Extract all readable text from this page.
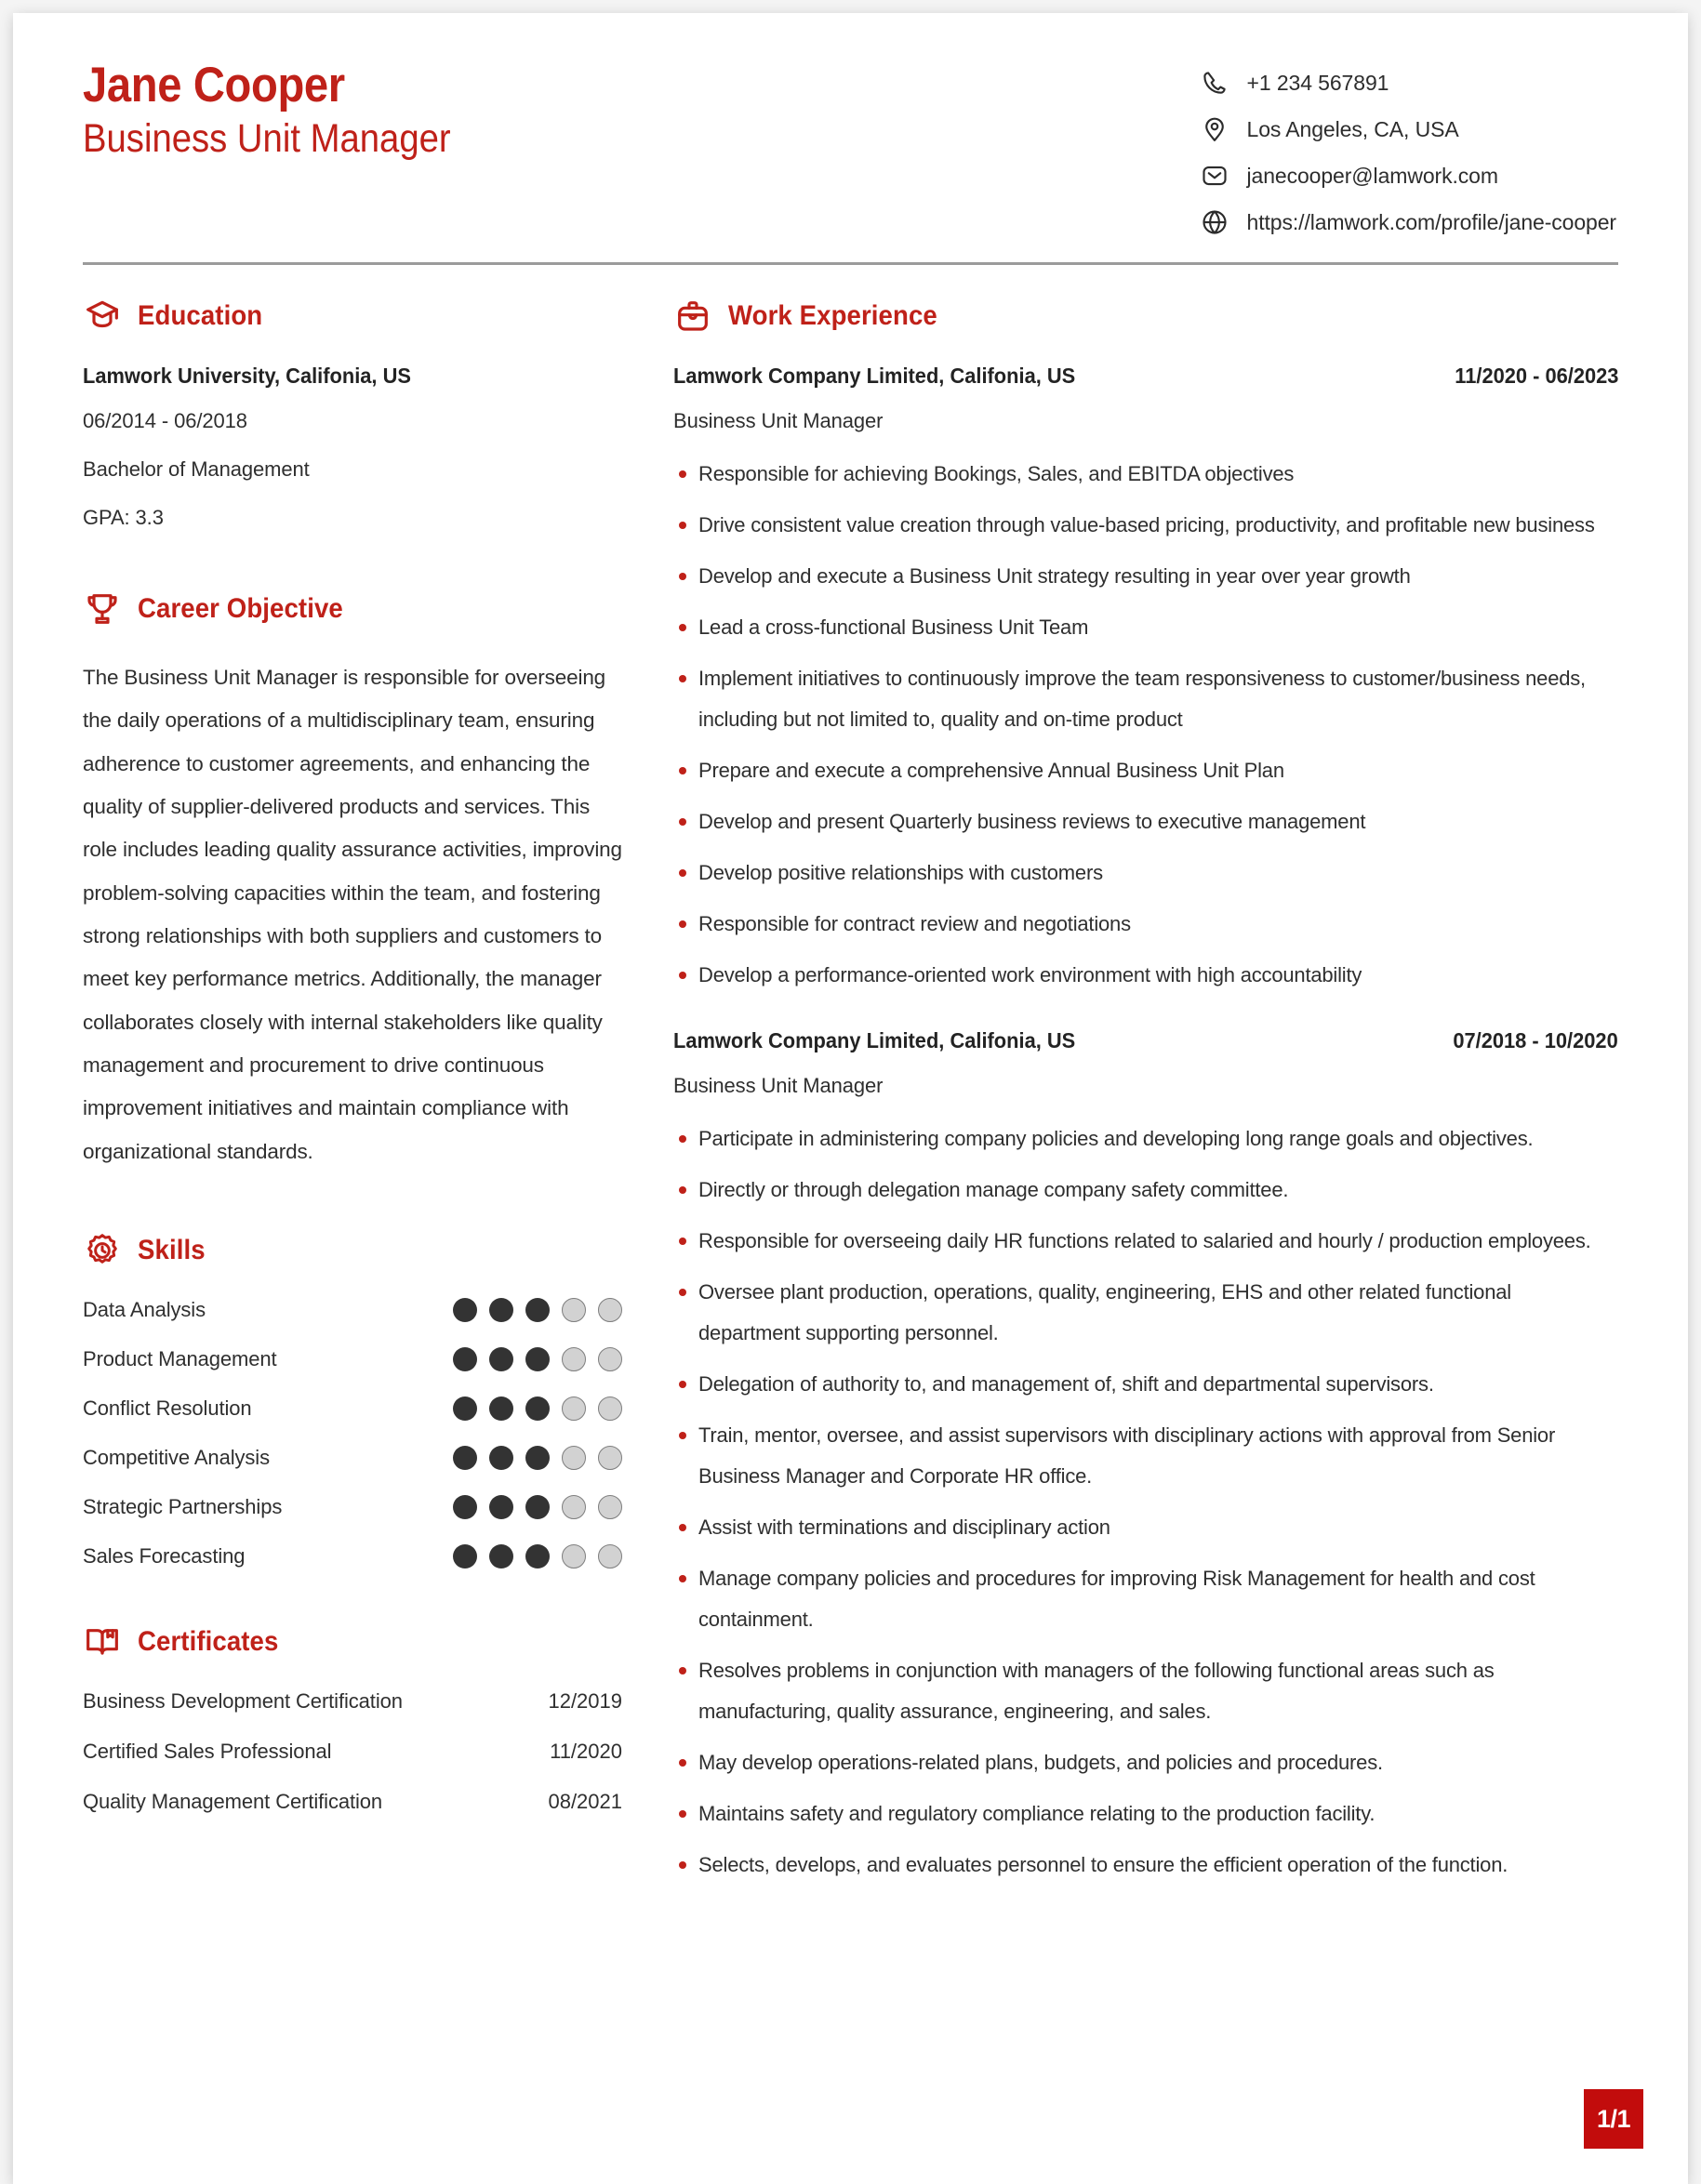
Jane Cooper
Business Unit Manager
+1 234 567891
Los Angeles, CA, USA
janecooper@lamwork.com
https://lamwork.com/profile/jane-cooper
Education
Lamwork University, Califonia, US
06/2014 - 06/2018
Bachelor of Management
GPA: 3.3
Career Objective
The Business Unit Manager is responsible for overseeing the daily operations of a multidisciplinary team, ensuring adherence to customer agreements, and enhancing the quality of supplier-delivered products and services. This role includes leading quality assurance activities, improving problem-solving capacities within the team, and fostering strong relationships with both suppliers and customers to meet key performance metrics. Additionally, the manager collaborates closely with internal stakeholders like quality management and procurement to drive continuous improvement initiatives and maintain compliance with organizational standards.
Skills
Data Analysis
Product Management
Conflict Resolution
Competitive Analysis
Strategic Partnerships
Sales Forecasting
Certificates
Business Development Certification	12/2019
Certified Sales Professional	11/2020
Quality Management Certification	08/2021
Work Experience
Lamwork Company Limited, Califonia, US	11/2020 - 06/2023
Business Unit Manager
Responsible for achieving Bookings, Sales, and EBITDA objectives
Drive consistent value creation through value-based pricing, productivity, and profitable new business
Develop and execute a Business Unit strategy resulting in year over year growth
Lead a cross-functional Business Unit Team
Implement initiatives to continuously improve the team responsiveness to customer/business needs, including but not limited to, quality and on-time product
Prepare and execute a comprehensive Annual Business Unit Plan
Develop and present Quarterly business reviews to executive management
Develop positive relationships with customers
Responsible for contract review and negotiations
Develop a performance-oriented work environment with high accountability
Lamwork Company Limited, Califonia, US	07/2018 - 10/2020
Business Unit Manager
Participate in administering company policies and developing long range goals and objectives.
Directly or through delegation manage company safety committee.
Responsible for overseeing daily HR functions related to salaried and hourly / production employees.
Oversee plant production, operations, quality, engineering, EHS and other related functional department supporting personnel.
Delegation of authority to, and management of, shift and departmental supervisors.
Train, mentor, oversee, and assist supervisors with disciplinary actions with approval from Senior Business Manager and Corporate HR office.
Assist with terminations and disciplinary action
Manage company policies and procedures for improving Risk Management for health and cost containment.
Resolves problems in conjunction with managers of the following functional areas such as manufacturing, quality assurance, engineering, and sales.
May develop operations-related plans, budgets, and policies and procedures.
Maintains safety and regulatory compliance relating to the production facility.
Selects, develops, and evaluates personnel to ensure the efficient operation of the function.
1/1
